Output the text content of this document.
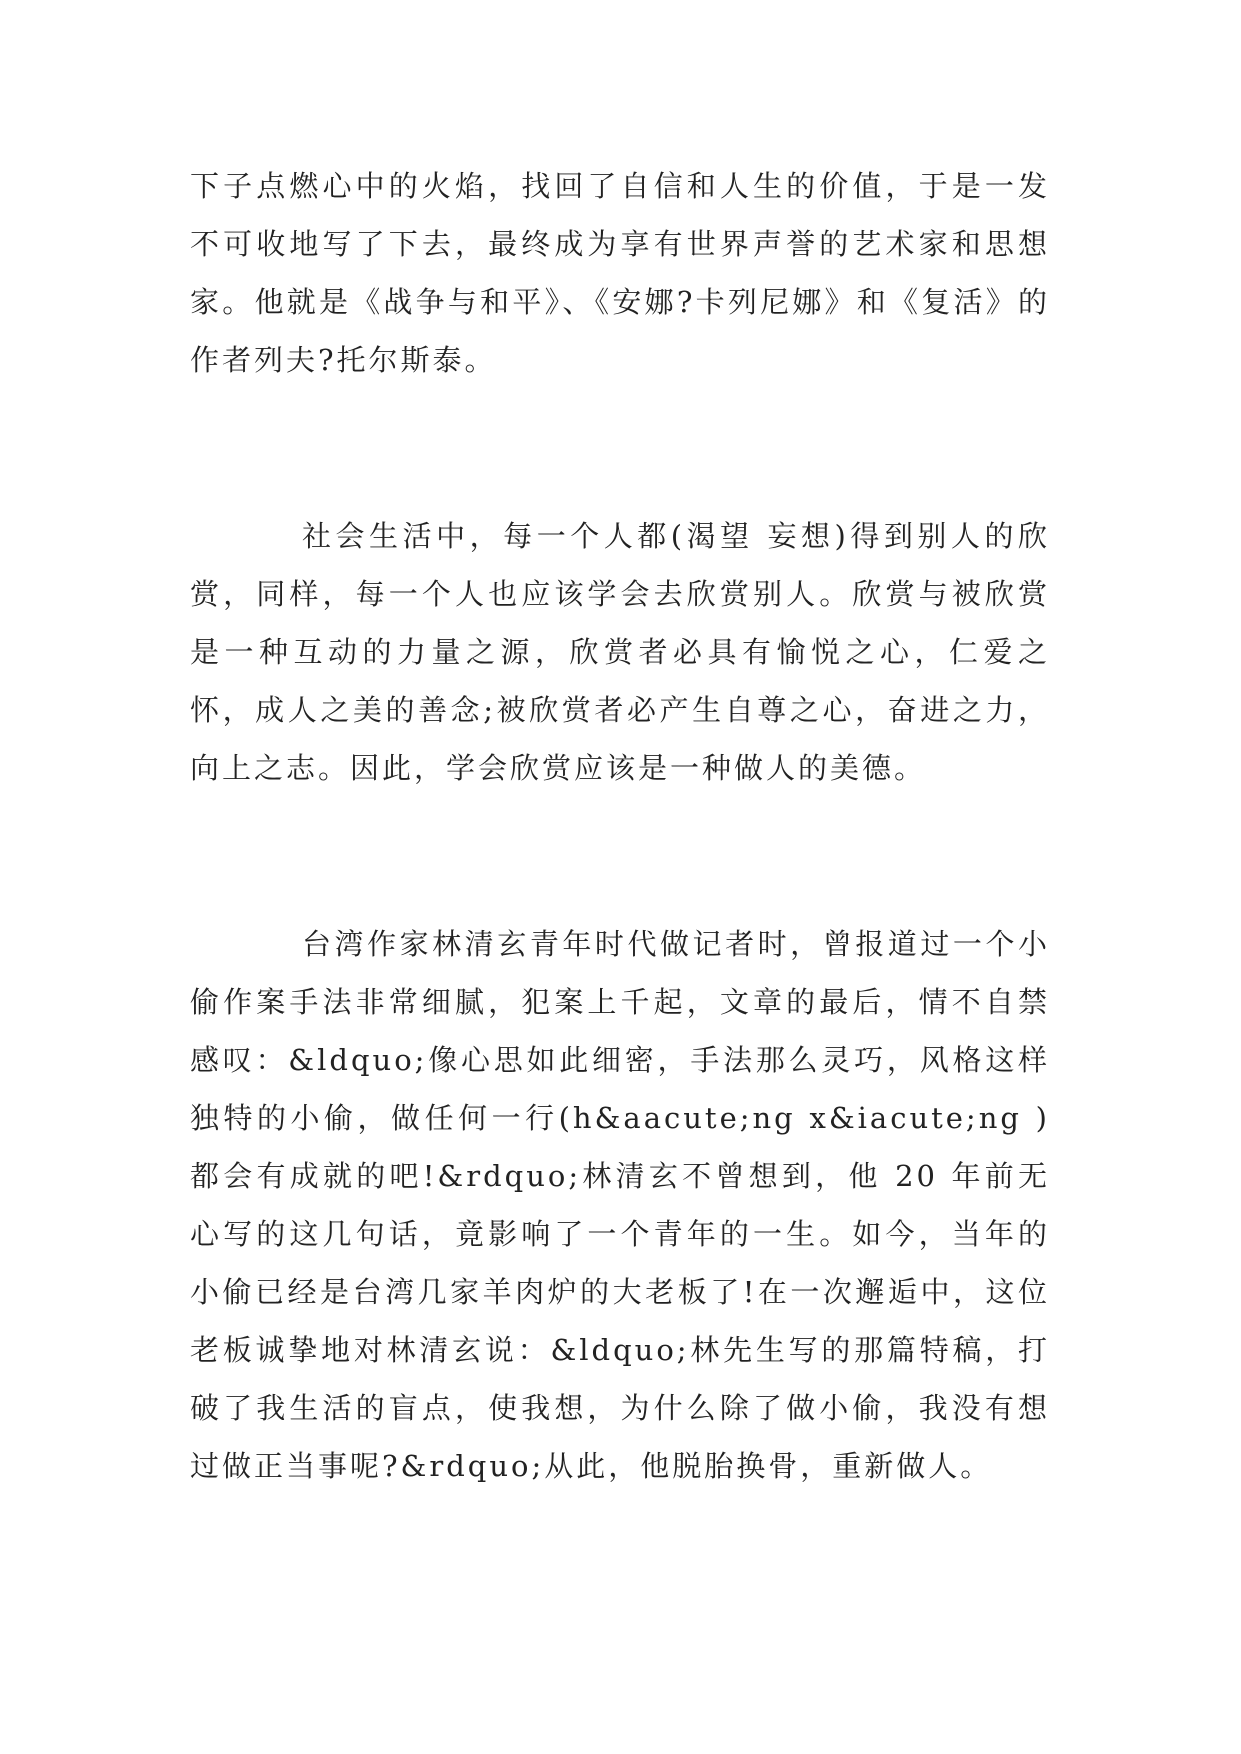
下子点燃心中的火焰，找回了自信和人生的价值，于是一发不可收地写了下去，最终成为享有世界声誉的艺术家和思想家。他就是《战争与和平》、《安娜?卡列尼娜》和《复活》的作者列夫?托尔斯泰。

社会生活中，每一个人都(渴望 妄想)得到别人的欣赏，同样，每一个人也应该学会去欣赏别人。欣赏与被欣赏是一种互动的力量之源，欣赏者必具有愉悦之心，仁爱之怀，成人之美的善念;被欣赏者必产生自尊之心，奋进之力，向上之志。因此，学会欣赏应该是一种做人的美德。

台湾作家林清玄青年时代做记者时，曾报道过一个小偷作案手法非常细腻，犯案上千起，文章的最后，情不自禁感叹：&ldquo;像心思如此细密，手法那么灵巧，风格这样独特的小偷，做任何一行(h&aacute;ng x&iacute;ng )都会有成就的吧!&rdquo;林清玄不曾想到，他 20 年前无心写的这几句话，竟影响了一个青年的一生。如今，当年的小偷已经是台湾几家羊肉炉的大老板了!在一次邂逅中，这位老板诚挚地对林清玄说：&ldquo;林先生写的那篇特稿，打破了我生活的盲点，使我想，为什么除了做小偷，我没有想过做正当事呢?&rdquo;从此，他脱胎换骨，重新做人。
